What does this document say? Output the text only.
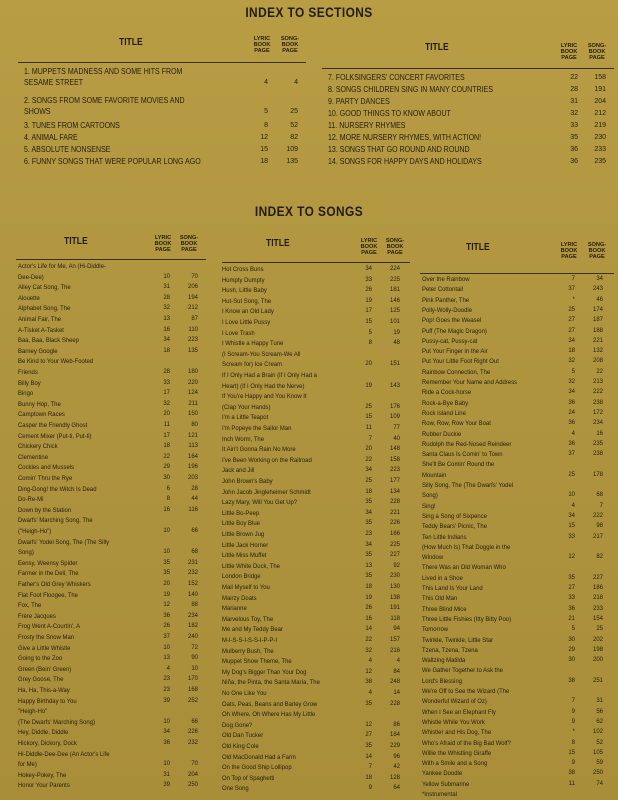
INDEX TO SECTIONS
TITLE	LYRIC BOOK PAGE
SONG- BOOK PAGE	TITLE	LYRIC BOOK PAGE
SONG- BOOK PAGE
1. MUPPETS MADNESS AND SOME HITS FROM
SESAME STREET	4	4
2. SONGS FROM SOME FAVORITE MOVIES AND
SHOWS	5	25
3. TUNES FROM CARTOONS	8	52
4. ANIMAL FARE	12	82
5. ABSOLUTE NONSENSE	15	109
6. FUNNY SONGS THAT WERE POPULAR LONG AGO	18	135
7. FOLKSINGERS' CONCERT FAVORITES	22	158
8. SONGS CHILDREN SING IN MANY COUNTRIES	28	191
9. PARTY DANCES	31	204
10. GOOD THINGS TO KNOW ABOUT	32	212
11. NURSERY RHYMES	33	219
12. MORE NURSERY RHYMES, WITH ACTION!	35	230
13. SONGS THAT GO ROUND AND ROUND	36	233
14. SONGS FOR HAPPY DAYS AND HOLIDAYS	36	235
INDEX TO SONGS
TITLE	LYRIC BOOK PAGE
SONG- BOOK PAGE
TITLE	LYRIC BOOK PAGE
SONG- BOOK PAGE	TITLE	LYRIC BOOK PAGE
SONG- BOOK PAGE
Actor's Life for Me, An (Hi-Diddle-
Dee-Dee)	10	70
Alley Cat Song, The	31	206
Alouette	28	194
Alphabet Song, The	32	212
Animal Fair, The	13	87
A-Tisket A-Tasket	16	110
Baa, Baa, Black Sheep	34	223
Barney Google	18	135
Be Kind to Your Web-Footed
Friends	28	180
Billy Boy	33	220
Bingo	17	124
Bunny Hop, The	32	211
Camptown Races	20	150
Casper the Friendly Ghost	11	80
Cement Mixer (Put-ti, Put-ti)	17	121
Chickery Chick	18	113
Clementine	22	164
Cockles and Mussels	29	196
Comin' Thru the Rye	30	203
Ding-Dong! the Witch Is Dead	6	28
Do-Re-Mi	8	44
Down by the Station	16	116
Dwarfs' Marching Song, The
("Heigh-Ho")	10	66
Dwarfs' Yodel Song, The (The Silly
Song)	10	68
Eensy, Weensy Spider	35	231
Farmer in the Dell, The	35	232
Father's Old Grey Whiskers	20	152
Flat Foot Floogee, The	19	140
Fox, The	12	88
Frère Jacques	36	234
Frog Went A-Courtin', A	26	182
Frosty the Snow Man	37	240
Give a Little Whistle	10	72
Going to the Zoo	13	90
Green (Bein' Green)	4	10
Grey Goose, The	23	170
Ha, Ha, This-a-Way	23	168
Happy Birthday to You	39	252
"Heigh-Ho"
(The Dwarfs' Marching Song)	10	66
Hey, Diddle, Diddle	34	226
Hickory, Dickory, Dock	36	232
Hi-Diddle-Dee-Dee (An Actor's Life
for Me)	10	70
Hokey-Pokey, The	31	204
Honor Your Parents	39	250
Hot Cross Buns	34	224
Humpty Dumpty	33	225
Hush, Little Baby	26	181
Hut-Sut Song, The	19	146
I Know an Old Lady	17	125
I Love Little Pussy	15	101
I Love Trash	5	19
I Whistle a Happy Tune	8	48
(I Scream-You Scream-We All
Scream for) Ice Cream	20	151
If I Only Had a Brain (If I Only Had a
Heart) (If I Only Had the Nerve)	19	143
If You're Happy and You Know It
(Clap Your Hands)	25	176
I'm a Little Teapot	15	109
I'm Popeye the Sailor Man	11	77
Inch Worm, The	7	40
It Ain't Gonna Rain No More	20	148
I've Been Working on the Railroad	22	158
Jack and Jill	34	223
John Brown's Baby	25	177
John Jacob Jingleheimer Schmidt	18	134
Lazy Mary, Will You Get Up?	35	228
Little Bo-Peep	34	221
Little Boy Blue	35	226
Little Brown Jug	23	166
Little Jack Horner	34	225
Little Miss Muffet	35	227
Little White Duck, The	13	92
London Bridge	35	230
Mail Myself to You	18	130
Mairzy Doats	19	138
Marianne	26	191
Marvelous Toy, The	16	118
Me and My Teddy Bear	14	94
M-I-S-S-I-S-S-I-P-P-I	22	157
Mulberry Bush, The	32	216
Muppet Show Theme, The	4	4
My Dog's Bigger Than Your Dog	12	84
Niña, the Pinta, the Santa María, The	38	248
No One Like You	4	14
Oats, Peas, Beans and Barley Grow	35	228
Oh Where, Oh Where Has My Little
Dog Gone?	12	86
Old Dan Tucker	27	184
Old King Cole	35	229
Old MacDonald Had a Farm	14	96
On the Good Ship Lollipop	7	42
On Top of Spaghetti	18	128
One Song	9	64
Over the Rainbow	7	34
Peter Cottontail	37	243
Pink Panther, The	*	46
Polly-Wolly-Doodle	25	174
Pop! Goes the Weasel	27	187
Puff (The Magic Dragon)	27	188
Pussy-cat, Pussy-cat	34	221
Put Your Finger in the Air	18	132
Put Your Little Foot Right Out	32	208
Rainbow Connection, The	5	22
Remember Your Name and Address	32	213
Ride a Cock-horse	34	222
Rock-a-Bye Baby	36	238
Rock Island Line	24	172
Row, Row, Row Your Boat	36	234
Rubber Duckie	4	16
Rudolph the Red-Nosed Reindeer	36	235
Santa Claus Is Comin' to Town	37	238
She'll Be Comin' Round the
Mountain	25	178
Silly Song, The (The Dwarfs' Yodel
Song)	10	68
Sing!	4	7
Sing a Song of Sixpence	34	222
Teddy Bears' Picnic, The	15	98
Ten Little Indians	33	217
(How Much Is) That Doggie in the
Window	12	82
There Was an Old Woman Who
Lived in a Shoe	35	227
This Land Is Your Land	27	186
This Old Man	33	218
Three Blind Mice	36	233
Three Little Fishies (Itty Bitty Poo)	21	154
Tomorrow	5	25
Twinkle, Twinkle, Little Star	30	202
Tzena, Tzena, Tzena	29	198
Waltzing Matilda	30	200
We Gather Together to Ask the
Lord's Blessing	38	251
We're Off to See the Wizard (The
Wonderful Wizard of Oz)	7	31
When I See an Elephant Fly	9	56
Whistle While You Work	9	62
Whistler and His Dog, The	*	102
Who's Afraid of the Big Bad Wolf?	8	52
Willie the Whistling Giraffe	15	105
With a Smile and a Song	9	59
Yankee Doodle	38	250
Yellow Submarine	11	74
*Instrumental
